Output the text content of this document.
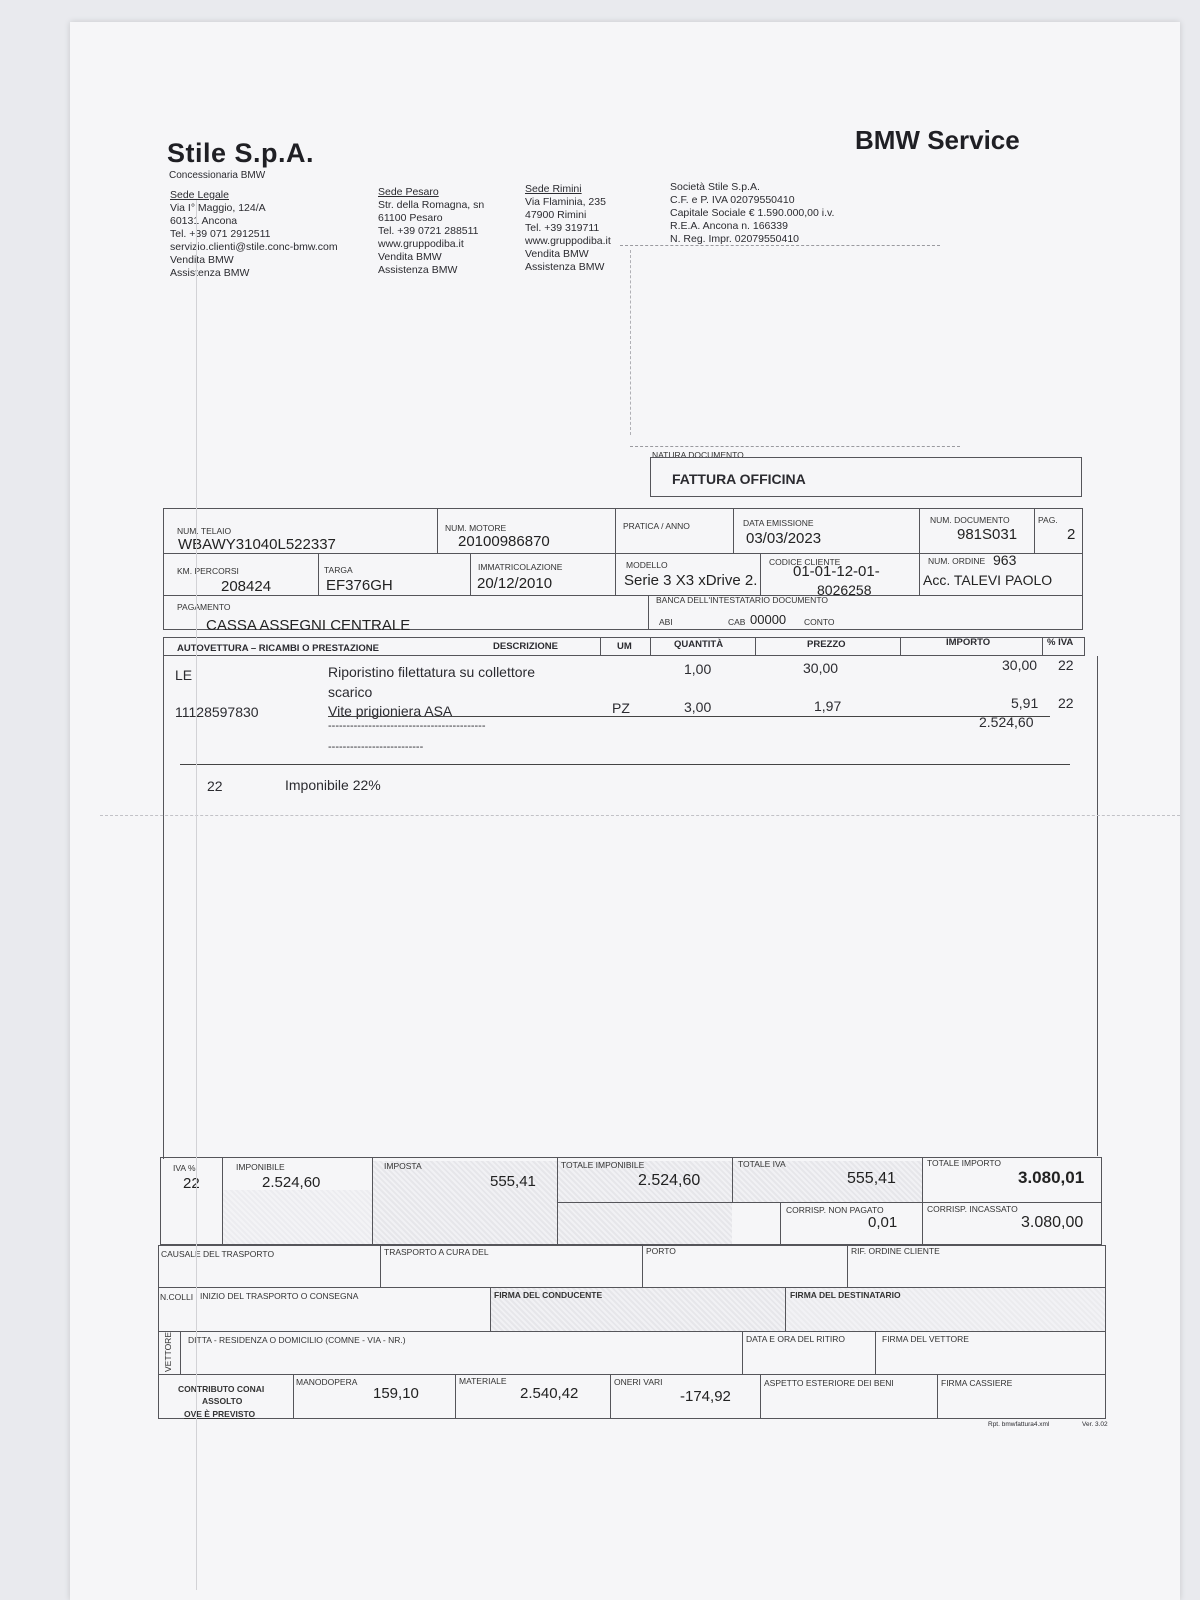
Stile S.p.A.
Concessionaria BMW
BMW Service
Sede Legale
Via I° Maggio, 124/A
60131 Ancona
Tel. +39 071 2912511
servizio.clienti@stile.conc-bmw.com
Vendita BMW
Assistenza BMW
Sede Pesaro
Str. della Romagna, sn
61100 Pesaro
Tel. +39 0721 288511
www.gruppodiba.it
Vendita BMW
Assistenza BMW
Sede Rimini
Via Flaminia, 235
47900 Rimini
Tel. +39 319711
www.gruppodiba.it
Vendita BMW
Assistenza BMW
Società Stile S.p.A.
C.F. e P. IVA 02079550410
Capitale Sociale € 1.590.000,00 i.v.
R.E.A. Ancona n. 166339
N. Reg. Impr. 02079550410
NATURA DOCUMENTO
FATTURA OFFICINA
NUM. TELAIO
WBAWY31040L522337
NUM. MOTORE
20100986870
PRATICA / ANNO	DATA EMISSIONE
03/03/2023
NUM. DOCUMENTO
981S031
PAG.
2
KM. PERCORSI
208424
TARGA
EF376GH
IMMATRICOLAZIONE
20/12/2010
MODELLO
Serie 3 X3 xDrive 2.
CODICE CLIENTE
01-01-12-01-
8026258
NUM. ORDINE 963
Acc. TALEVI PAOLO
PAGAMENTO
CASSA ASSEGNI CENTRALE
BANCA DELL'INTESTATARIO DOCUMENTO
ABI	CAB 00000 CONTO
AUTOVETTURA – RICAMBI O PRESTAZIONE	DESCRIZIONE	UM	QUANTITÀ	PREZZO	IMPORTO	% IVA
LE	Riporistino filettatura su collettore
scarico
1,00	30,00	30,00 22
11128597830	Vite prigioniera ASA	PZ	3,00	1,97	5,91 22
2.524,60
-------------------------------------------
--------------------------
22	Imponibile 22%
IVA %
22
IMPONIBILE
2.524,60
IMPOSTA
555,41
TOTALE IMPONIBILE
2.524,60
TOTALE IVA
555,41
TOTALE IMPORTO
3.080,01
CORRISP. NON PAGATO
0,01
CORRISP. INCASSATO
3.080,00
CAUSALE DEL TRASPORTO	TRASPORTO A CURA DEL	PORTO	RIF. ORDINE CLIENTE
N.COLLI INIZIO DEL TRASPORTO O CONSEGNA	FIRMA DEL CONDUCENTE	FIRMA DEL DESTINATARIO
VETTORE DITTA - RESIDENZA O DOMICILIO (COMNE - VIA - NR.)	DATA E ORA DEL RITIRO	FIRMA DEL VETTORE
CONTRIBUTO CONAI
ASSOLTO
OVE È PREVISTO
MANODOPERA
159,10
MATERIALE
2.540,42
ONERI VARI
-174,92
ASPETTO ESTERIORE DEI BENI	FIRMA CASSIERE
Rpt. bmwfattura4.xml	Ver. 3.02
